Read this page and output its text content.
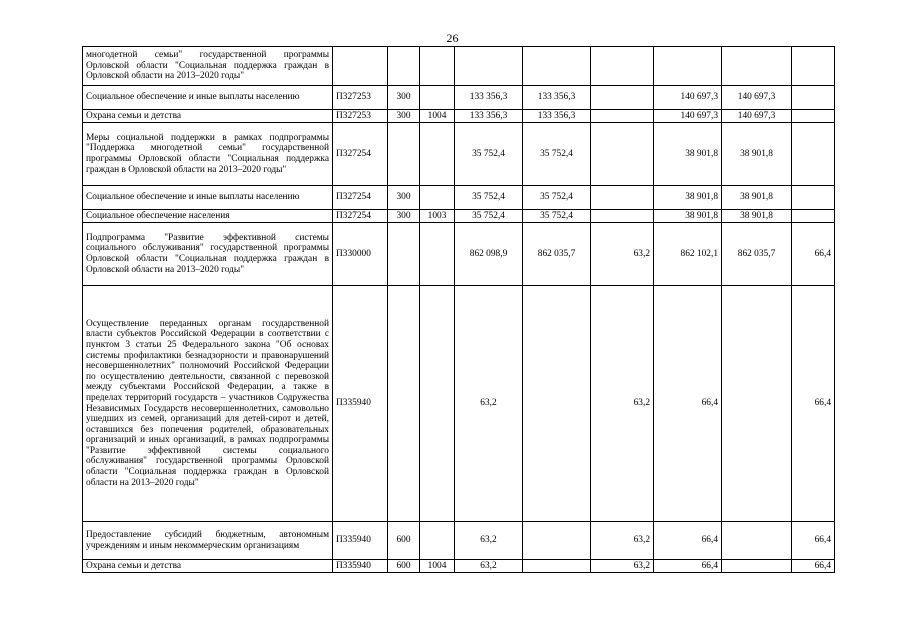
26
многодетной семьи" государственной программы Орловской области "Социальная поддержка граждан в Орловской области на 2013–2020 годы"									
Социальное обеспечение и иные выплаты населению	П327253	300		133 356,3	133 356,3		140 697,3	140 697,3	
Охрана семьи и детства	П327253	300	1004	133 356,3	133 356,3		140 697,3	140 697,3	
Меры социальной поддержки в рамках подпрограммы "Поддержка многодетной семьи" государственной программы Орловской области "Социальная поддержка граждан в Орловской области на 2013–2020 годы"	П327254			35 752,4	35 752,4		38 901,8	38 901,8	
Социальное обеспечение и иные выплаты населению	П327254	300		35 752,4	35 752,4		38 901,8	38 901,8	
Социальное обеспечение населения	П327254	300	1003	35 752,4	35 752,4		38 901,8	38 901,8	
Подпрограмма "Развитие эффективной системы социального обслуживания" государственной программы Орловской области "Социальная поддержка граждан в Орловской области на 2013–2020 годы"	П330000			862 098,9	862 035,7	63,2	862 102,1	862 035,7	66,4
Осуществление переданных органам государственной власти субъектов Российской Федерации в соответствии с пунктом 3 статьи 25 Федерального закона "Об основах системы профилактики безнадзорности и правонарушений несовершеннолетних" полномочий Российской Федерации по осуществлению деятельности, связанной с перевозкой между субъектами Российской Федерации, а также в пределах территорий государств – участников Содружества Независимых Государств несовершеннолетних, самовольно ушедших из семей, организаций для детей-сирот и детей, оставшихся без попечения родителей, образовательных организаций и иных организаций, в рамках подпрограммы "Развитие эффективной системы социального обслуживания" государственной программы Орловской области "Социальная поддержка граждан в Орловской области на 2013–2020 годы"	П335940			63,2		63,2	66,4		66,4
Предоставление субсидий бюджетным, автономным учреждениям и иным некоммерческим организациям	П335940	600		63,2		63,2	66,4		66,4
Охрана семьи и детства	П335940	600	1004	63,2		63,2	66,4		66,4
